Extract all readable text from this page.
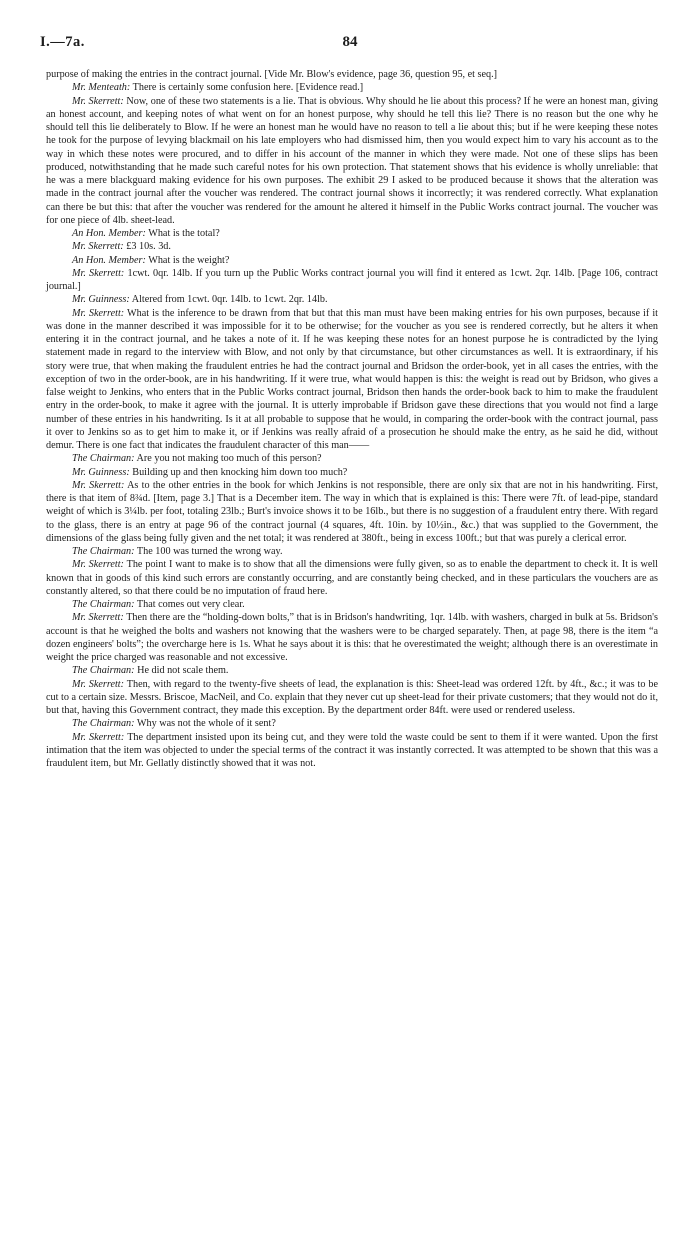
I.—7a.	84

purpose of making the entries in the contract journal. [Vide Mr. Blow's evidence, page 36, question 95, et seq.]

Mr. Menteath: There is certainly some confusion here. [Evidence read.]

Mr. Skerrett: Now, one of these two statements is a lie. That is obvious. Why should he lie about this process? If he were an honest man, giving an honest account, and keeping notes of what went on for an honest purpose, why should he tell this lie? There is no reason but the one why he should tell this lie deliberately to Blow. If he were an honest man he would have no reason to tell a lie about this; but if he were keeping these notes he took for the purpose of levying blackmail on his late employers who had dismissed him, then you would expect him to vary his account as to the way in which these notes were procured, and to differ in his account of the manner in which they were made. Not one of these slips has been produced, notwithstanding that he made such careful notes for his own protection. That statement shows that his evidence is wholly unreliable: that he was a mere blackguard making evidence for his own purposes. The exhibit 29 I asked to be produced because it shows that the alteration was made in the contract journal after the voucher was rendered. The contract journal shows it incorrectly; it was rendered correctly. What explanation can there be but this: that after the voucher was rendered for the amount he altered it himself in the Public Works contract journal. The voucher was for one piece of 4lb. sheet-lead.

An Hon. Member: What is the total?

Mr. Skerrett: £3 10s. 3d.

An Hon. Member: What is the weight?

Mr. Skerrett: 1cwt. 0qr. 14lb. If you turn up the Public Works contract journal you will find it entered as 1cwt. 2qr. 14lb. [Page 106, contract journal.]

Mr. Guinness: Altered from 1cwt. 0qr. 14lb. to 1cwt. 2qr. 14lb.

Mr. Skerrett: What is the inference to be drawn from that but that this man must have been making entries for his own purposes, because if it was done in the manner described it was impossible for it to be otherwise; for the voucher as you see is rendered correctly, but he alters it when entering it in the contract journal, and he takes a note of it. If he was keeping these notes for an honest purpose he is contradicted by the lying statement made in regard to the interview with Blow, and not only by that circumstance, but other circumstances as well. It is extraordinary, if his story were true, that when making the fraudulent entries he had the contract journal and Bridson the order-book, yet in all cases the entries, with the exception of two in the order-book, are in his handwriting. If it were true, what would happen is this: the weight is read out by Bridson, who gives a false weight to Jenkins, who enters that in the Public Works contract journal, Bridson then hands the order-book back to him to make the fraudulent entry in the order-book, to make it agree with the journal. It is utterly improbable if Bridson gave these directions that you would not find a large number of these entries in his handwriting. Is it at all probable to suppose that he would, in comparing the order-book with the contract journal, pass it over to Jenkins so as to get him to make it, or if Jenkins was really afraid of a prosecution he should make the entry, as he said he did, without demur. There is one fact that indicates the fraudulent character of this man——

The Chairman: Are you not making too much of this person?

Mr. Guinness: Building up and then knocking him down too much?

Mr. Skerrett: As to the other entries in the book for which Jenkins is not responsible, there are only six that are not in his handwriting. First, there is that item of 8¾d. [Item, page 3.] That is a December item. The way in which that is explained is this: There were 7ft. of lead-pipe, standard weight of which is 3¼lb. per foot, totaling 23lb.; Burt's invoice shows it to be 16lb., but there is no suggestion of a fraudulent entry there. With regard to the glass, there is an entry at page 96 of the contract journal (4 squares, 4ft. 10in. by 10½in., &c.) that was supplied to the Government, the dimensions of the glass being fully given and the net total; it was rendered at 380ft., being in excess 100ft.; but that was purely a clerical error.

The Chairman: The 100 was turned the wrong way.

Mr. Skerrett: The point I want to make is to show that all the dimensions were fully given, so as to enable the department to check it. It is well known that in goods of this kind such errors are constantly occurring, and are constantly being checked, and in these particulars the vouchers are as constantly altered, so that there could be no imputation of fraud here.

The Chairman: That comes out very clear.

Mr. Skerrett: Then there are the “holding-down bolts,” that is in Bridson's handwriting, 1qr. 14lb. with washers, charged in bulk at 5s. Bridson's account is that he weighed the bolts and washers not knowing that the washers were to be charged separately. Then, at page 98, there is the item “a dozen engineers' bolts”; the overcharge here is 1s. What he says about it is this: that he overestimated the weight; although there is an overestimate in weight the price charged was reasonable and not excessive.

The Chairman: He did not scale them.

Mr. Skerrett: Then, with regard to the twenty-five sheets of lead, the explanation is this: Sheet-lead was ordered 12ft. by 4ft., &c.; it was to be cut to a certain size. Messrs. Briscoe, MacNeil, and Co. explain that they never cut up sheet-lead for their private customers; that they would not do it, but that, having this Government contract, they made this exception. By the department order 84ft. were used or rendered useless.

The Chairman: Why was not the whole of it sent?

Mr. Skerrett: The department insisted upon its being cut, and they were told the waste could be sent to them if it were wanted. Upon the first intimation that the item was objected to under the special terms of the contract it was instantly corrected. It was attempted to be shown that this was a fraudulent item, but Mr. Gellatly distinctly showed that it was not.
